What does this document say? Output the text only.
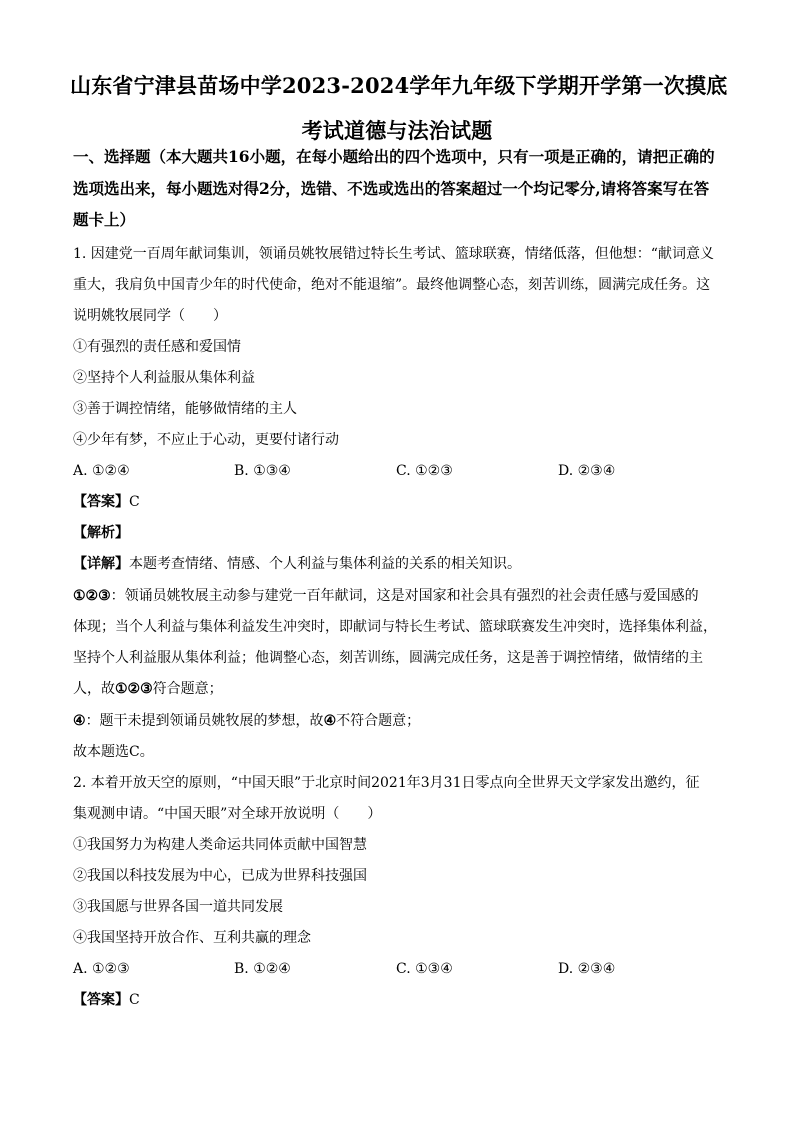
山东省宁津县苗场中学2023-2024学年九年级下学期开学第一次摸底
考试道德与法治试题
一、选择题（本大题共16小题，在每小题给出的四个选项中，只有一项是正确的，请把正确的选项选出来，每小题选对得2分，选错、不选或选出的答案超过一个均记零分,请将答案写在答题卡上）
1. 因建党一百周年献词集训，领诵员姚牧展错过特长生考试、篮球联赛，情绪低落，但他想：“献词意义
重大，我肩负中国青少年的时代使命，绝对不能退缩”。最终他调整心态，刻苦训练，圆满完成任务。这
说明姚牧展同学（　　）
①有强烈的责任感和爱国情
②坚持个人利益服从集体利益
③善于调控情绪，能够做情绪的主人
④少年有梦，不应止于心动，更要付诸行动
A. ①②④	B. ①③④	C. ①②③	D. ②③④
【答案】C
【解析】
【详解】本题考查情绪、情感、个人利益与集体利益的关系的相关知识。
①②③：领诵员姚牧展主动参与建党一百年献词，这是对国家和社会具有强烈的社会责任感与爱国感的
体现；当个人利益与集体利益发生冲突时，即献词与特长生考试、篮球联赛发生冲突时，选择集体利益，
坚持个人利益服从集体利益；他调整心态，刻苦训练，圆满完成任务，这是善于调控情绪，做情绪的主
人，故①②③符合题意；
④：题干未提到领诵员姚牧展的梦想，故④不符合题意；
故本题选C。
2. 本着开放天空的原则，“中国天眼”于北京时间2021年3月31日零点向全世界天文学家发出邀约，征
集观测申请。“中国天眼”对全球开放说明（　　）
①我国努力为构建人类命运共同体贡献中国智慧
②我国以科技发展为中心，已成为世界科技强国
③我国愿与世界各国一道共同发展
④我国坚持开放合作、互利共赢的理念
A. ①②③	B. ①②④	C. ①③④	D. ②③④
【答案】C
